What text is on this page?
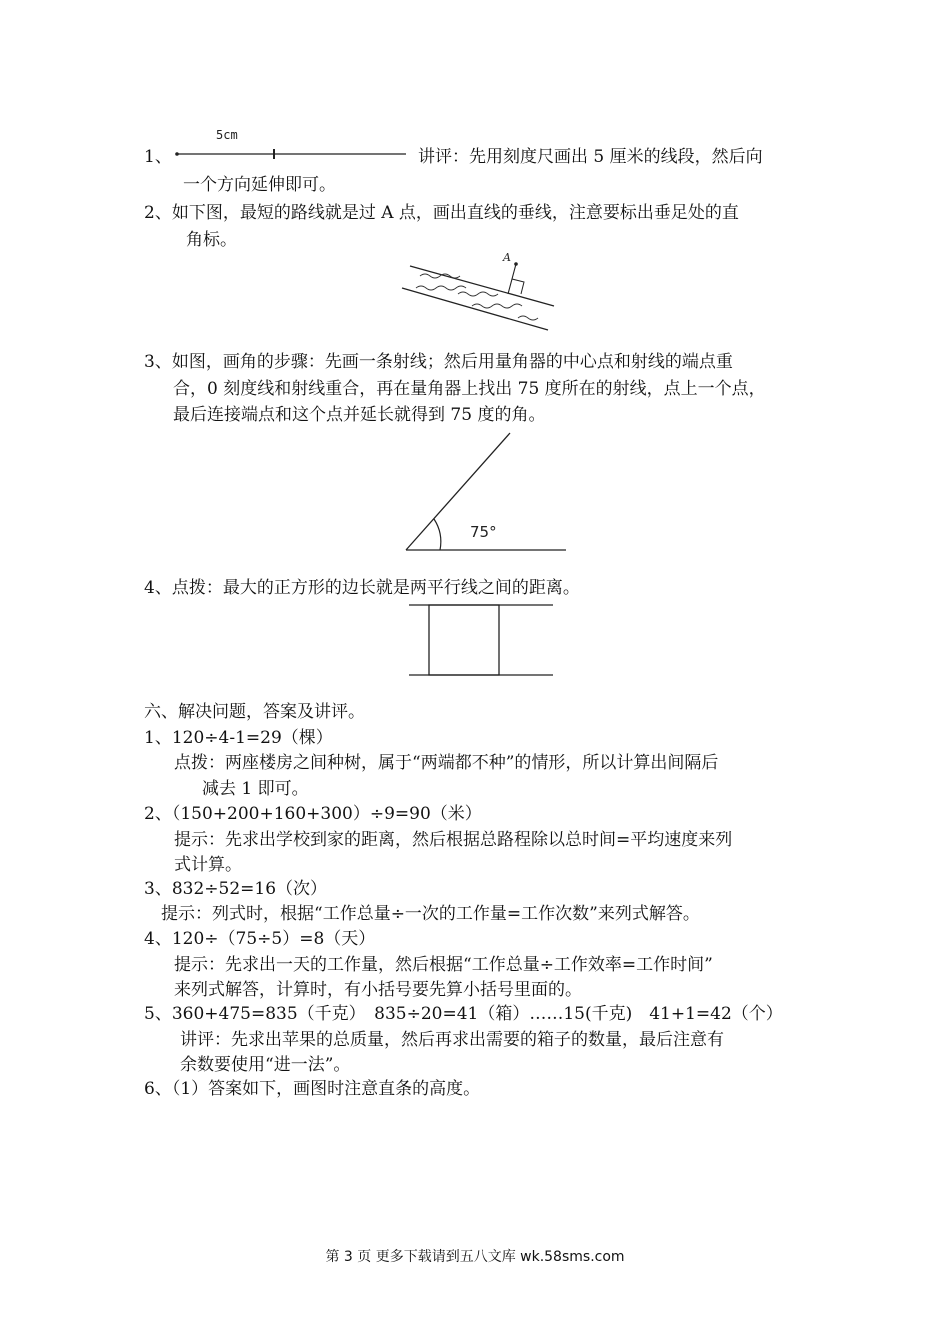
1、
5cm
讲评：先用刻度尺画出 5 厘米的线段，然后向
一个方向延伸即可。
2、如下图，最短的路线就是过 A 点，画出直线的垂线，注意要标出垂足处的直
角标。
A
3、如图，画角的步骤：先画一条射线；然后用量角器的中心点和射线的端点重
合，0 刻度线和射线重合，再在量角器上找出 75 度所在的射线，点上一个点，
最后连接端点和这个点并延长就得到 75 度的角。
75°
4、点拨：最大的正方形的边长就是两平行线之间的距离。
六、解决问题，答案及讲评。
1、120÷4-1=29（棵）
点拨：两座楼房之间种树，属于“两端都不种”的情形，所以计算出间隔后
减去 1 即可。
2、（150+200+160+300）÷9=90（米）
提示：先求出学校到家的距离，然后根据总路程除以总时间=平均速度来列
式计算。
3、832÷52=16（次）
提示：列式时，根据“工作总量÷一次的工作量=工作次数”来列式解答。
4、120÷（75÷5）=8（天）
提示：先求出一天的工作量，然后根据“工作总量÷工作效率=工作时间”
来列式解答，计算时，有小括号要先算小括号里面的。
5、360+475=835（千克）　835÷20=41（箱）……15(千克)　41+1=42（个）
讲评：先求出苹果的总质量，然后再求出需要的箱子的数量，最后注意有
余数要使用“进一法”。
6、（1）答案如下，画图时注意直条的高度。
第 3 页 更多下载请到五八文库 wk.58sms.com
